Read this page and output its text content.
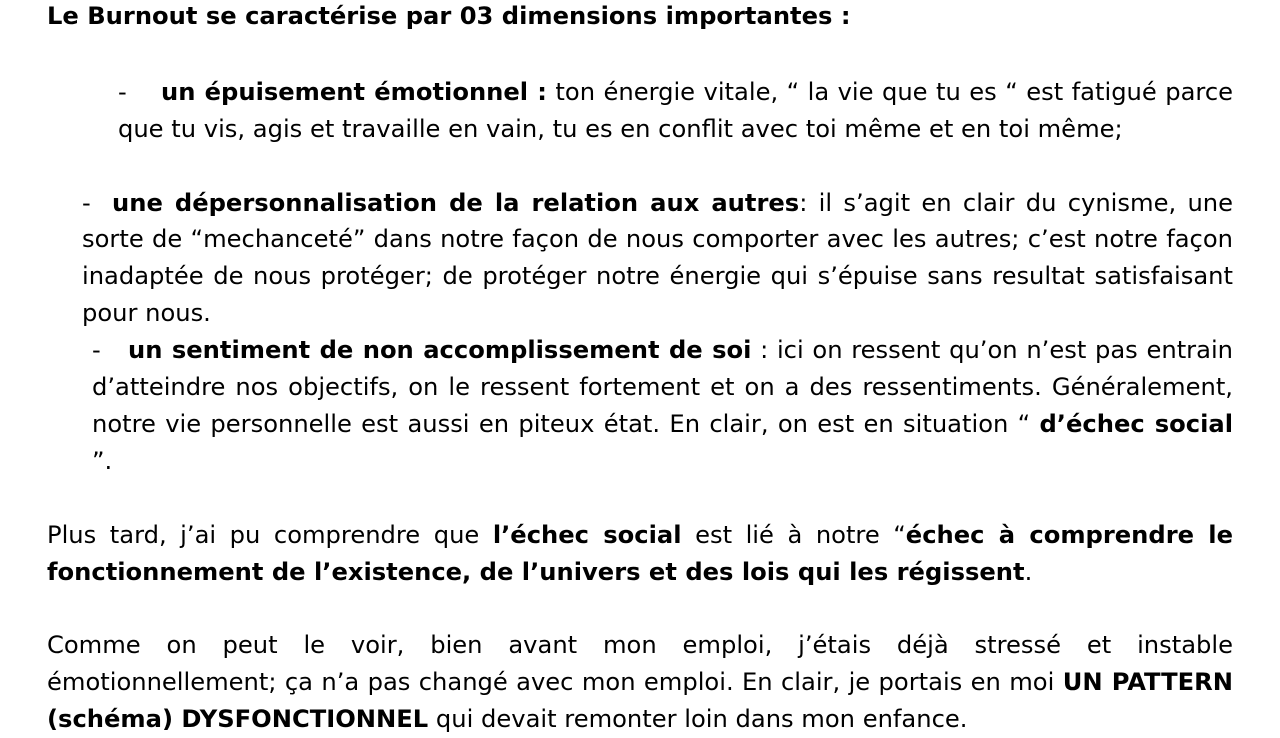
Le Burnout se caractérise par 03 dimensions importantes :

- un épuisement émotionnel : ton énergie vitale, “ la vie que tu es “ est fatigué parce que tu vis, agis et travaille en vain, tu es en conflit avec toi même et en toi même;

- une dépersonnalisation de la relation aux autres: il s’agit en clair du cynisme, une sorte de “mechanceté” dans notre façon de nous comporter avec les autres; c’est notre façon inadaptée de nous protéger; de protéger notre énergie qui s’épuise sans resultat satisfaisant pour nous.

- un sentiment de non accomplissement de soi : ici on ressent qu’on n’est pas entrain d’atteindre nos objectifs, on le ressent fortement et on a des ressentiments. Généralement, notre vie personnelle est aussi en piteux état. En clair, on est en situation “ d’échec social ”.

Plus tard, j’ai pu comprendre que l’échec social est lié à notre “échec à comprendre le fonctionnement de l’existence, de l’univers et des lois qui les régissent.

Comme on peut le voir, bien avant mon emploi, j’étais déjà stressé et instable émotionnellement; ça n’a pas changé avec mon emploi. En clair, je portais en moi UN PATTERN (schéma) DYSFONCTIONNEL qui devait remonter loin dans mon enfance.
